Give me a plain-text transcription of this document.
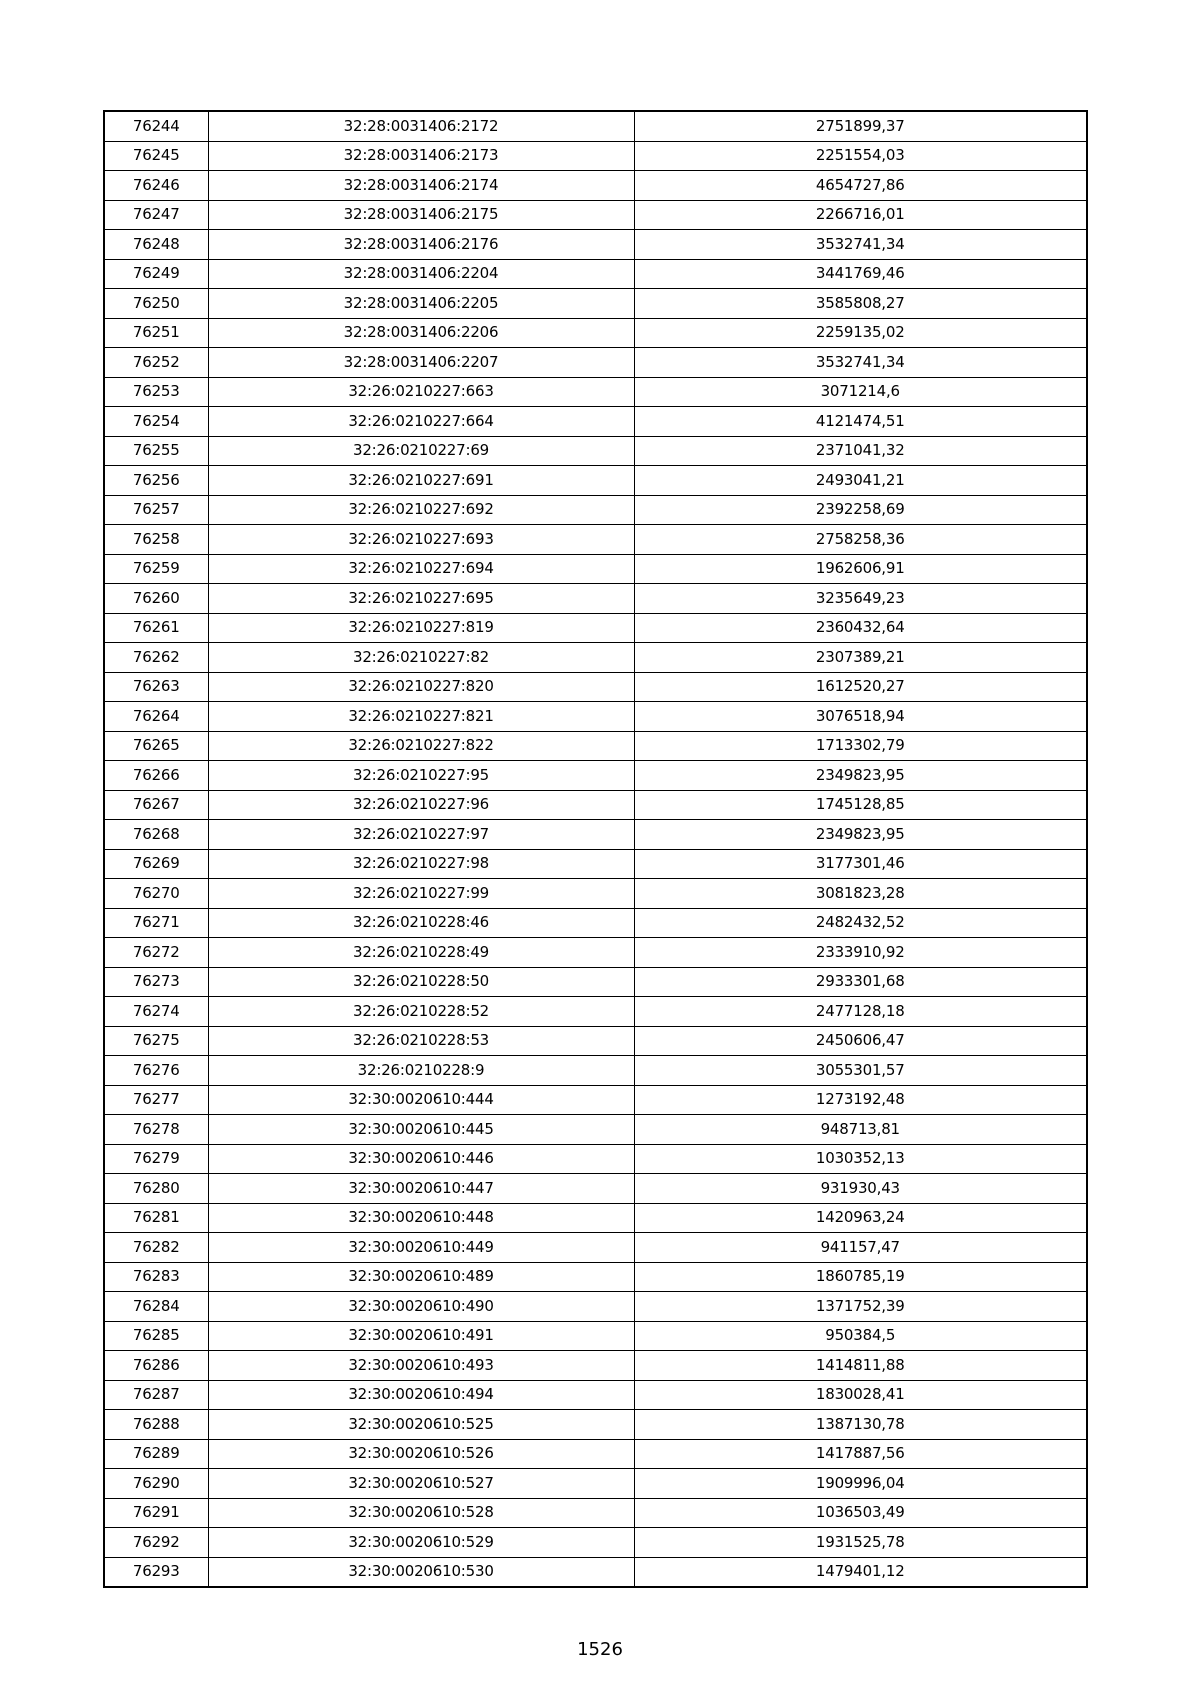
76244	32:28:0031406:2172	2751899,37
76245	32:28:0031406:2173	2251554,03
76246	32:28:0031406:2174	4654727,86
76247	32:28:0031406:2175	2266716,01
76248	32:28:0031406:2176	3532741,34
76249	32:28:0031406:2204	3441769,46
76250	32:28:0031406:2205	3585808,27
76251	32:28:0031406:2206	2259135,02
76252	32:28:0031406:2207	3532741,34
76253	32:26:0210227:663	3071214,6
76254	32:26:0210227:664	4121474,51
76255	32:26:0210227:69	2371041,32
76256	32:26:0210227:691	2493041,21
76257	32:26:0210227:692	2392258,69
76258	32:26:0210227:693	2758258,36
76259	32:26:0210227:694	1962606,91
76260	32:26:0210227:695	3235649,23
76261	32:26:0210227:819	2360432,64
76262	32:26:0210227:82	2307389,21
76263	32:26:0210227:820	1612520,27
76264	32:26:0210227:821	3076518,94
76265	32:26:0210227:822	1713302,79
76266	32:26:0210227:95	2349823,95
76267	32:26:0210227:96	1745128,85
76268	32:26:0210227:97	2349823,95
76269	32:26:0210227:98	3177301,46
76270	32:26:0210227:99	3081823,28
76271	32:26:0210228:46	2482432,52
76272	32:26:0210228:49	2333910,92
76273	32:26:0210228:50	2933301,68
76274	32:26:0210228:52	2477128,18
76275	32:26:0210228:53	2450606,47
76276	32:26:0210228:9	3055301,57
76277	32:30:0020610:444	1273192,48
76278	32:30:0020610:445	948713,81
76279	32:30:0020610:446	1030352,13
76280	32:30:0020610:447	931930,43
76281	32:30:0020610:448	1420963,24
76282	32:30:0020610:449	941157,47
76283	32:30:0020610:489	1860785,19
76284	32:30:0020610:490	1371752,39
76285	32:30:0020610:491	950384,5
76286	32:30:0020610:493	1414811,88
76287	32:30:0020610:494	1830028,41
76288	32:30:0020610:525	1387130,78
76289	32:30:0020610:526	1417887,56
76290	32:30:0020610:527	1909996,04
76291	32:30:0020610:528	1036503,49
76292	32:30:0020610:529	1931525,78
76293	32:30:0020610:530	1479401,12
1526
